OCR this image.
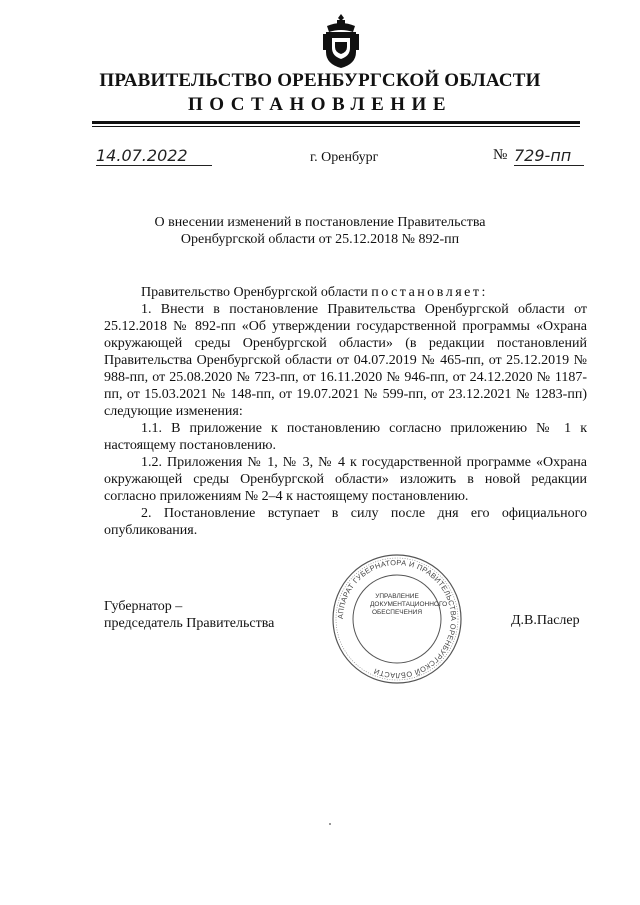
ПРАВИТЕЛЬСТВО ОРЕНБУРГСКОЙ ОБЛАСТИ
ПОСТАНОВЛЕНИЕ
14.07.2022	г. Оренбург	№ 729-пп
О внесении изменений в постановление Правительства
Оренбургской области от 25.12.2018 № 892-пп

Правительство Оренбургской области постановляет:

1. Внести в постановление Правительства Оренбургской области от 25.12.2018 № 892-пп «Об утверждении государственной программы «Охрана окружающей среды Оренбургской области» (в редакции постановлений Правительства Оренбургской области от 04.07.2019 № 465-пп, от 25.12.2019 № 988-пп, от 25.08.2020 № 723-пп, от 16.11.2020 № 946-пп, от 24.12.2020 № 1187-пп, от 15.03.2021 № 148-пп, от 19.07.2021 № 599-пп, от 23.12.2021 № 1283-пп) следующие изменения:

1.1. В приложение к постановлению согласно приложению № 1 к настоящему постановлению.

1.2. Приложения № 1, № 3, № 4 к государственной программе «Охрана окружающей среды Оренбургской области» изложить в новой редакции согласно приложениям № 2–4 к настоящему постановлению.

2. Постановление вступает в силу после дня его официального опубликования.

Губернатор –
председатель Правительства	Д.В.Паслер
АППАРАТ ГУБЕРНАТОРА И ПРАВИТЕЛЬСТВА ОРЕНБУРГСКОЙ ОБЛАСТИ
УПРАВЛЕНИЕ
ДОКУМЕНТАЦИОННОГО
ОБЕСПЕЧЕНИЯ
